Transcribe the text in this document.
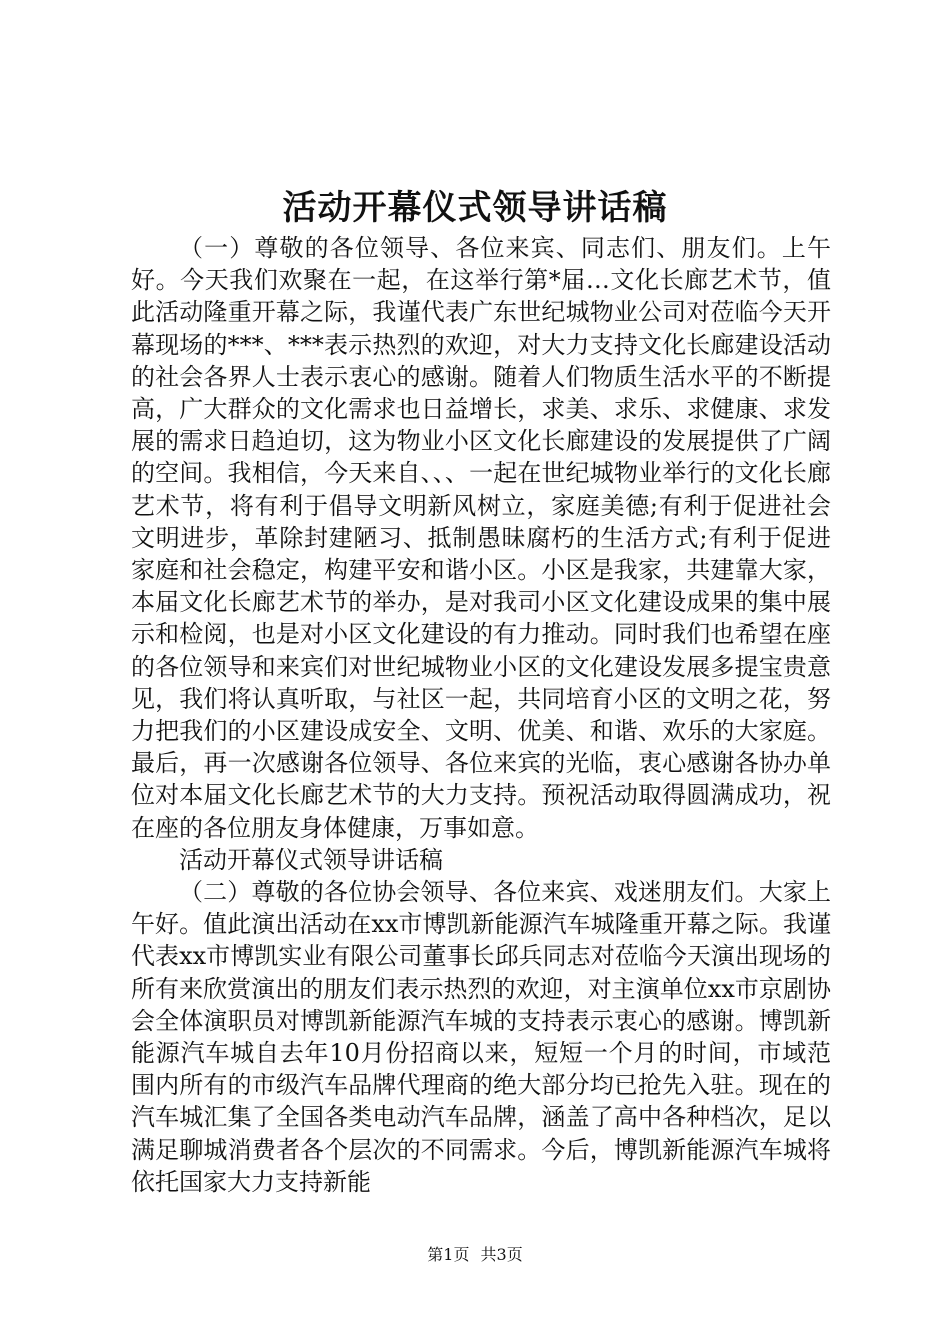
活动开幕仪式领导讲话稿

（一）尊敬的各位领导、各位来宾、同志们、朋友们。上午好。今天我们欢聚在一起，在这举行第*届…文化长廊艺术节，值此活动隆重开幕之际，我谨代表广东世纪城物业公司对莅临今天开幕现场的***、***表示热烈的欢迎，对大力支持文化长廊建设活动的社会各界人士表示衷心的感谢。随着人们物质生活水平的不断提高，广大群众的文化需求也日益增长，求美、求乐、求健康、求发展的需求日趋迫切，这为物业小区文化长廊建设的发展提供了广阔的空间。我相信，今天来自、、、一起在世纪城物业举行的文化长廊艺术节，将有利于倡导文明新风树立，家庭美德;有利于促进社会文明进步，革除封建陋习、抵制愚昧腐朽的生活方式;有利于促进家庭和社会稳定，构建平安和谐小区。小区是我家，共建靠大家，本届文化长廊艺术节的举办，是对我司小区文化建设成果的集中展示和检阅，也是对小区文化建设的有力推动。同时我们也希望在座的各位领导和来宾们对世纪城物业小区的文化建设发展多提宝贵意见，我们将认真听取，与社区一起，共同培育小区的文明之花，努力把我们的小区建设成安全、文明、优美、和谐、欢乐的大家庭。最后，再一次感谢各位领导、各位来宾的光临，衷心感谢各协办单位对本届文化长廊艺术节的大力支持。预祝活动取得圆满成功，祝在座的各位朋友身体健康，万事如意。

活动开幕仪式领导讲话稿

（二）尊敬的各位协会领导、各位来宾、戏迷朋友们。大家上午好。值此演出活动在xx市博凯新能源汽车城隆重开幕之际。我谨代表xx市博凯实业有限公司董事长邱兵同志对莅临今天演出现场的所有来欣赏演出的朋友们表示热烈的欢迎，对主演单位xx市京剧协会全体演职员对博凯新能源汽车城的支持表示衷心的感谢。博凯新能源汽车城自去年10月份招商以来，短短一个月的时间，市域范围内所有的市级汽车品牌代理商的绝大部分均已抢先入驻。现在的汽车城汇集了全国各类电动汽车品牌，涵盖了高中各种档次，足以满足聊城消费者各个层次的不同需求。今后，博凯新能源汽车城将依托国家大力支持新能

第1页 共3页
